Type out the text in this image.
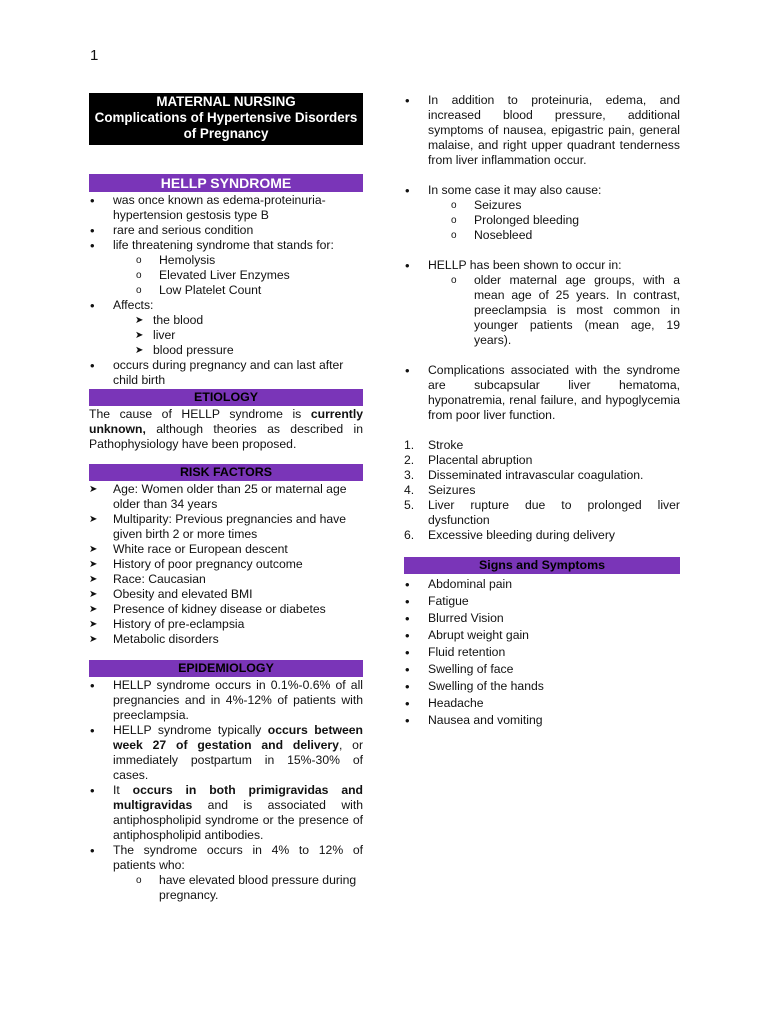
1
MATERNAL NURSING
Complications of Hypertensive Disorders
of Pregnancy
HELLP SYNDROME
• was once known as edema-proteinuria-hypertension gestosis type B
• rare and serious condition
• life threatening syndrome that stands for:
o Hemolysis
o Elevated Liver Enzymes
o Low Platelet Count
• Affects:
➤ the blood
➤ liver
➤ blood pressure
• occurs during pregnancy and can last after child birth
ETIOLOGY
The cause of HELLP syndrome is currently unknown, although theories as described in Pathophysiology have been proposed.
RISK FACTORS
➤ Age: Women older than 25 or maternal age older than 34 years
➤ Multiparity: Previous pregnancies and have given birth 2 or more times
➤ White race or European descent
➤ History of poor pregnancy outcome
➤ Race: Caucasian
➤ Obesity and elevated BMI
➤ Presence of kidney disease or diabetes
➤ History of pre-eclampsia
➤ Metabolic disorders
EPIDEMIOLOGY
• HELLP syndrome occurs in 0.1%-0.6% of all pregnancies and in 4%-12% of patients with preeclampsia.
• HELLP syndrome typically occurs between week 27 of gestation and delivery, or immediately postpartum in 15%-30% of cases.
• It occurs in both primigravidas and multigravidas and is associated with antiphospholipid syndrome or the presence of antiphospholipid antibodies.
• The syndrome occurs in 4% to 12% of patients who:
o have elevated blood pressure during pregnancy.
• In addition to proteinuria, edema, and increased blood pressure, additional symptoms of nausea, epigastric pain, general malaise, and right upper quadrant tenderness from liver inflammation occur.
• In some case it may also cause:
o Seizures
o Prolonged bleeding
o Nosebleed
• HELLP has been shown to occur in:
o older maternal age groups, with a mean age of 25 years. In contrast, preeclampsia is most common in younger patients (mean age, 19 years).
• Complications associated with the syndrome are subcapsular liver hematoma, hyponatremia, renal failure, and hypoglycemia from poor liver function.
1. Stroke
2. Placental abruption
3. Disseminated intravascular coagulation.
4. Seizures
5. Liver rupture due to prolonged liver dysfunction
6. Excessive bleeding during delivery
Signs and Symptoms
• Abdominal pain
• Fatigue
• Blurred Vision
• Abrupt weight gain
• Fluid retention
• Swelling of face
• Swelling of the hands
• Headache
• Nausea and vomiting
